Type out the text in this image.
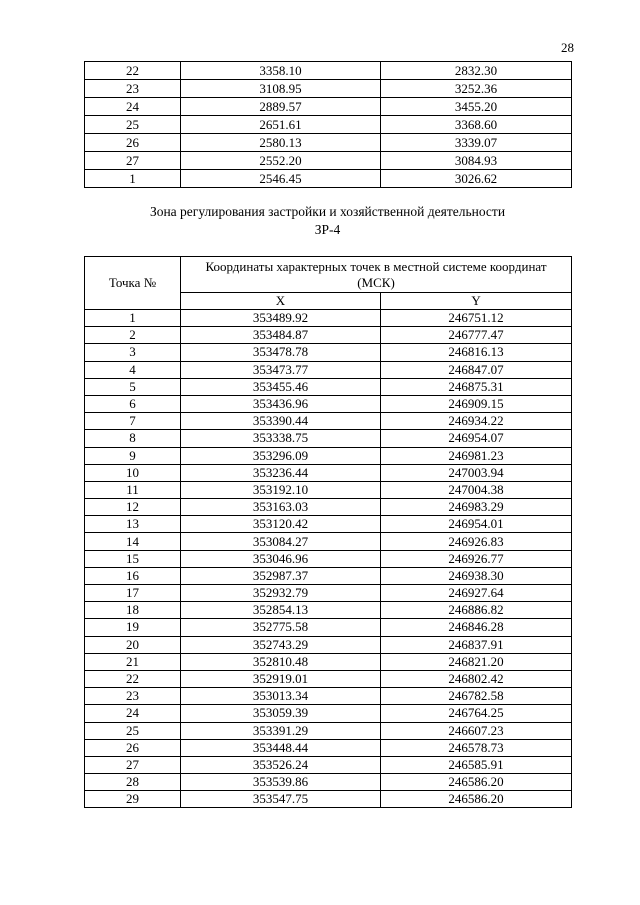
28
22	3358.10	2832.30
23	3108.95	3252.36
24	2889.57	3455.20
25	2651.61	3368.60
26	2580.13	3339.07
27	2552.20	3084.93
1	2546.45	3026.62
Зона регулирования застройки и хозяйственной деятельности
ЗР-4
Точка №	Координаты характерных точек в местной системе координат (МСК)	
	X	Y
1	353489.92	246751.12
2	353484.87	246777.47
3	353478.78	246816.13
4	353473.77	246847.07
5	353455.46	246875.31
6	353436.96	246909.15
7	353390.44	246934.22
8	353338.75	246954.07
9	353296.09	246981.23
10	353236.44	247003.94
11	353192.10	247004.38
12	353163.03	246983.29
13	353120.42	246954.01
14	353084.27	246926.83
15	353046.96	246926.77
16	352987.37	246938.30
17	352932.79	246927.64
18	352854.13	246886.82
19	352775.58	246846.28
20	352743.29	246837.91
21	352810.48	246821.20
22	352919.01	246802.42
23	353013.34	246782.58
24	353059.39	246764.25
25	353391.29	246607.23
26	353448.44	246578.73
27	353526.24	246585.91
28	353539.86	246586.20
29	353547.75	246586.20
